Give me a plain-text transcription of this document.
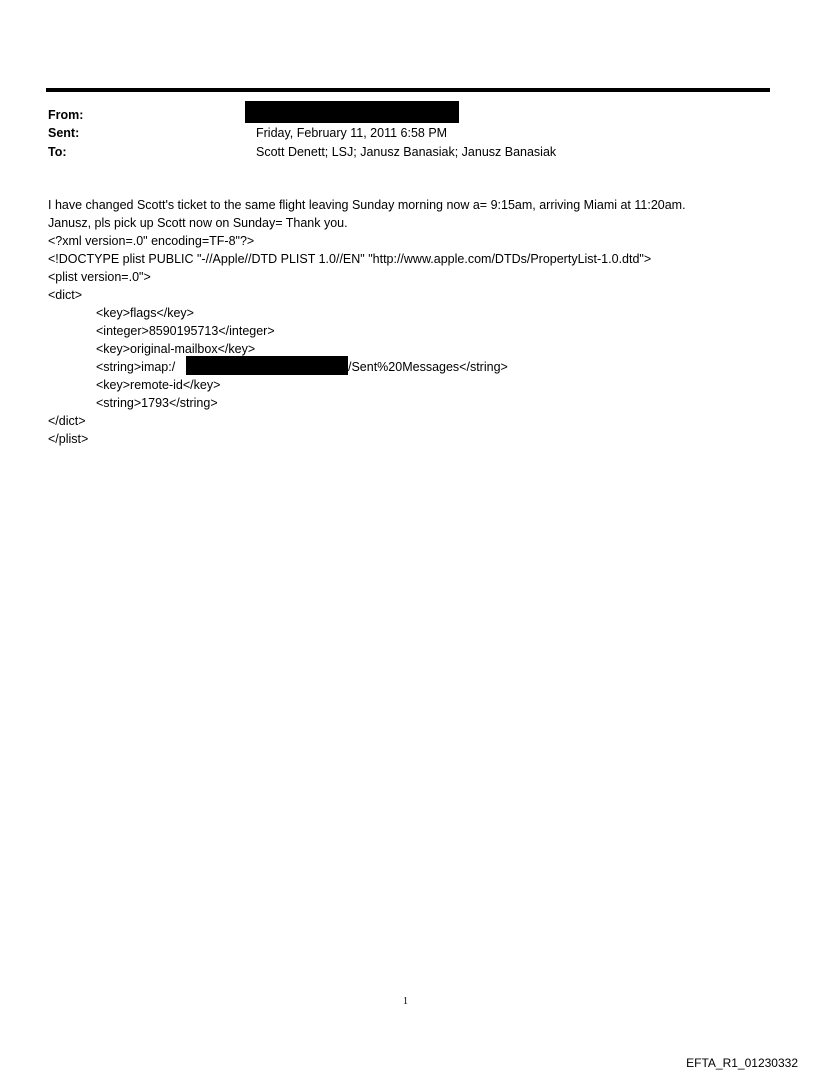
From:
Sent:	Friday, February 11, 2011 6:58 PM
To:	Scott Denett; LSJ; Janusz Banasiak; Janusz Banasiak
I have changed Scott's ticket to the same flight leaving Sunday morning now a= 9:15am, arriving Miami at 11:20am.
Janusz, pls pick up Scott now on Sunday= Thank you.
<?xml version=.0" encoding=TF-8"?>
<!DOCTYPE plist PUBLIC "-//Apple//DTD PLIST 1.0//EN" "http://www.apple.com/DTDs/PropertyList-1.0.dtd">
<plist version=.0">
<dict>
<key>flags</key>
<integer>8590195713</integer>
<key>original-mailbox</key>
<string>imap:/	/Sent%20Messages</string>
<key>remote-id</key>
<string>1793</string>
</dict>
</plist>
1
EFTA_R1_01230332
